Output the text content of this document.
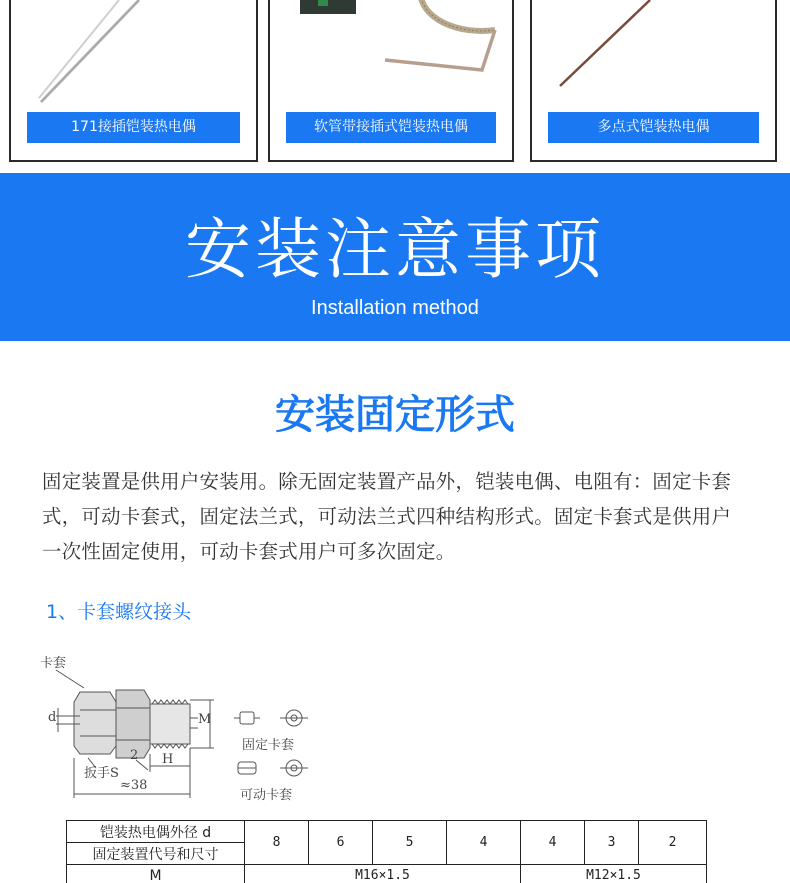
171接插铠装热电偶	软管带接插式铠装热电偶	多点式铠装热电偶
安装注意事项
Installation method
安装固定形式
固定装置是供用户安装用。除无固定装置产品外，铠装电偶、电阻有：固定卡套式，可动卡套式，固定法兰式，可动法兰式四种结构形式。固定卡套式是供用户一次性固定使用，可动卡套式用户可多次固定。
1、卡套螺纹接头
卡套
d	M
H
2
扳手S
≈38
固定卡套
可动卡套
铠装热电偶外径 d	8	6	5	4	4	3	2
固定装置代号和尺寸							
M	M16×1.5				M12×1.5		
